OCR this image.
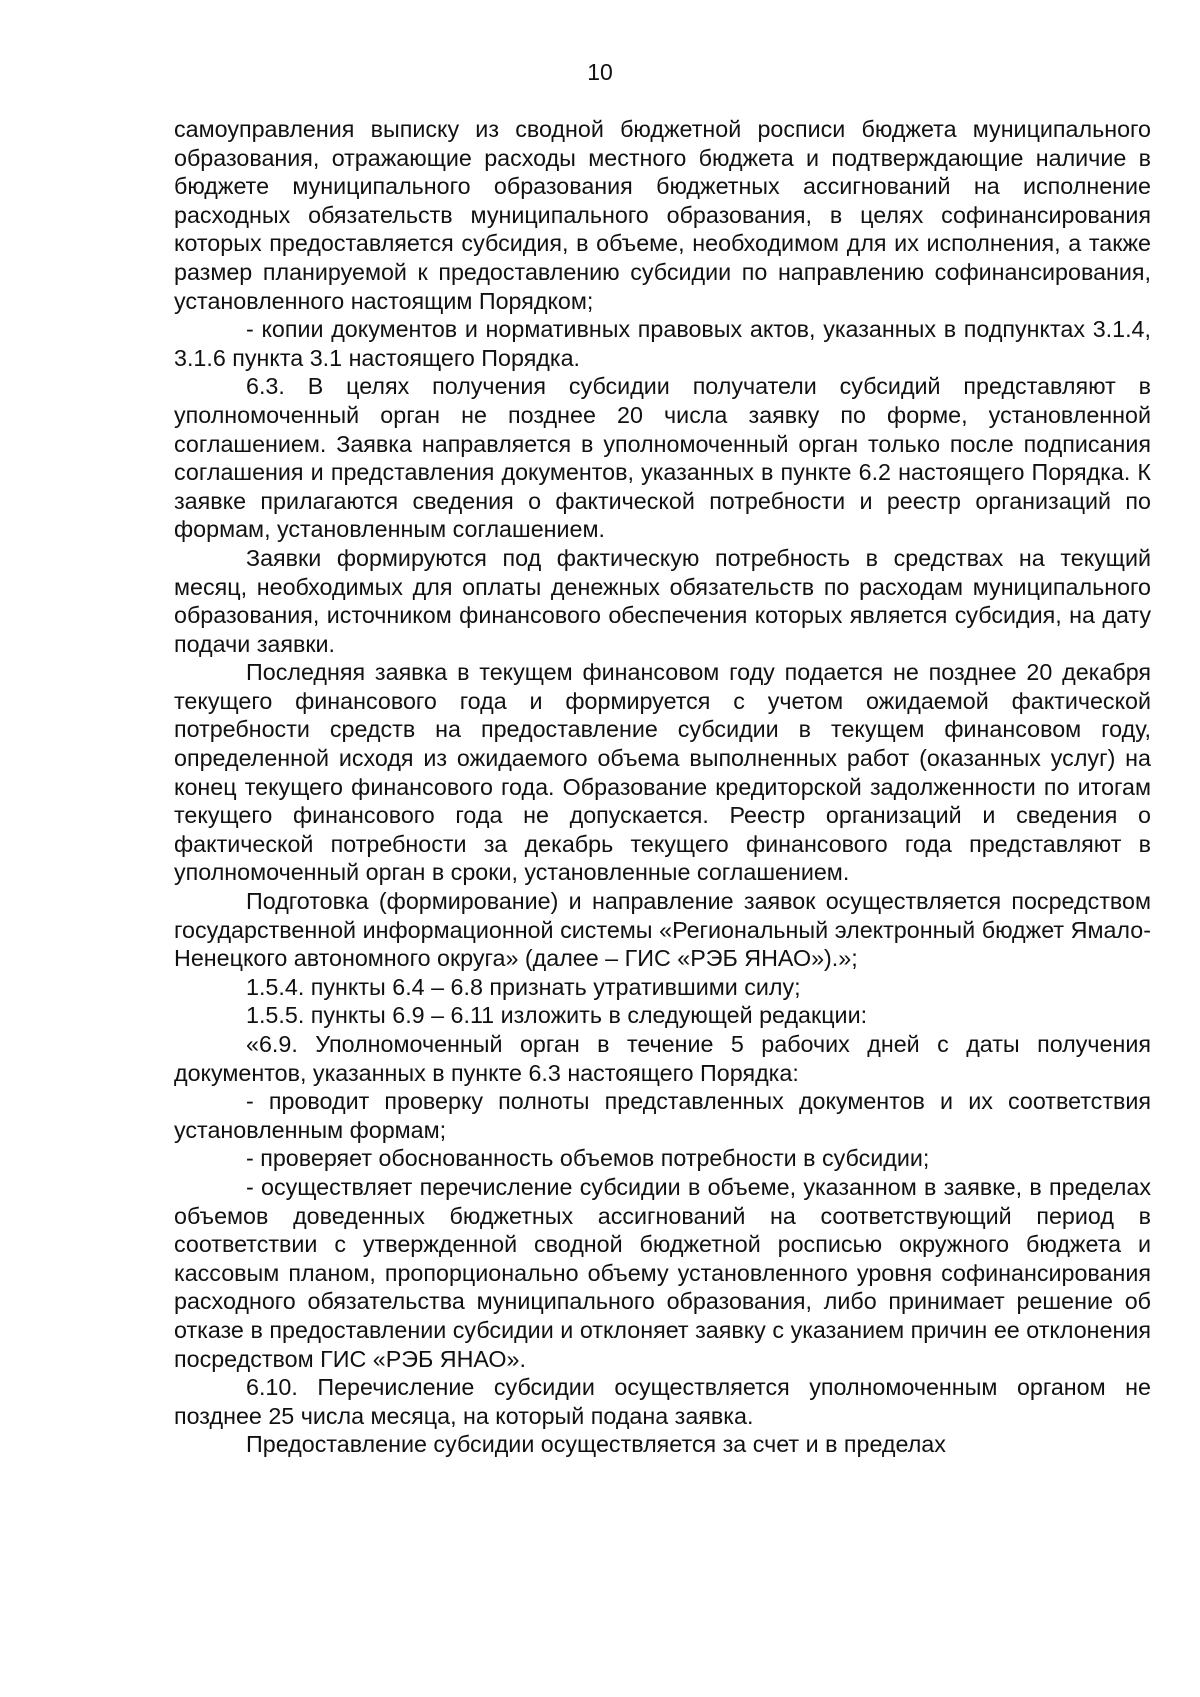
10

самоуправления выписку из сводной бюджетной росписи бюджета муниципального образования, отражающие расходы местного бюджета и подтверждающие наличие в бюджете муниципального образования бюджетных ассигнований на исполнение расходных обязательств муниципального образования, в целях софинансирования которых предоставляется субсидия, в объеме, необходимом для их исполнения, а также размер планируемой к предоставлению субсидии по направлению софинансирования, установленного настоящим Порядком;

- копии документов и нормативных правовых актов, указанных в подпунктах 3.1.4, 3.1.6 пункта 3.1 настоящего Порядка.

6.3. В целях получения субсидии получатели субсидий представляют в уполномоченный орган не позднее 20 числа заявку по форме, установленной соглашением. Заявка направляется в уполномоченный орган только после подписания соглашения и представления документов, указанных в пункте 6.2 настоящего Порядка. К заявке прилагаются сведения о фактической потребности и реестр организаций по формам, установленным соглашением.

Заявки формируются под фактическую потребность в средствах на текущий месяц, необходимых для оплаты денежных обязательств по расходам муниципального образования, источником финансового обеспечения которых является субсидия, на дату подачи заявки.

Последняя заявка в текущем финансовом году подается не позднее 20 декабря текущего финансового года и формируется с учетом ожидаемой фактической потребности средств на предоставление субсидии в текущем финансовом году, определенной исходя из ожидаемого объема выполненных работ (оказанных услуг) на конец текущего финансового года. Образование кредиторской задолженности по итогам текущего финансового года не допускается. Реестр организаций и сведения о фактической потребности за декабрь текущего финансового года представляют в уполномоченный орган в сроки, установленные соглашением.

Подготовка (формирование) и направление заявок осуществляется посредством государственной информационной системы «Региональный электронный бюджет Ямало-Ненецкого автономного округа» (далее – ГИС «РЭБ ЯНАО»).»;

1.5.4. пункты 6.4 – 6.8 признать утратившими силу;

1.5.5. пункты 6.9 – 6.11 изложить в следующей редакции:

«6.9. Уполномоченный орган в течение 5 рабочих дней с даты получения документов, указанных в пункте 6.3 настоящего Порядка:

- проводит проверку полноты представленных документов и их соответствия установленным формам;

- проверяет обоснованность объемов потребности в субсидии;

- осуществляет перечисление субсидии в объеме, указанном в заявке, в пределах объемов доведенных бюджетных ассигнований на соответствующий период в соответствии с утвержденной сводной бюджетной росписью окружного бюджета и кассовым планом, пропорционально объему установленного уровня софинансирования расходного обязательства муниципального образования, либо принимает решение об отказе в предоставлении субсидии и отклоняет заявку с указанием причин ее отклонения посредством ГИС «РЭБ ЯНАО».

6.10. Перечисление субсидии осуществляется уполномоченным органом не позднее 25 числа месяца, на который подана заявка.

Предоставление субсидии осуществляется за счет и в пределах
